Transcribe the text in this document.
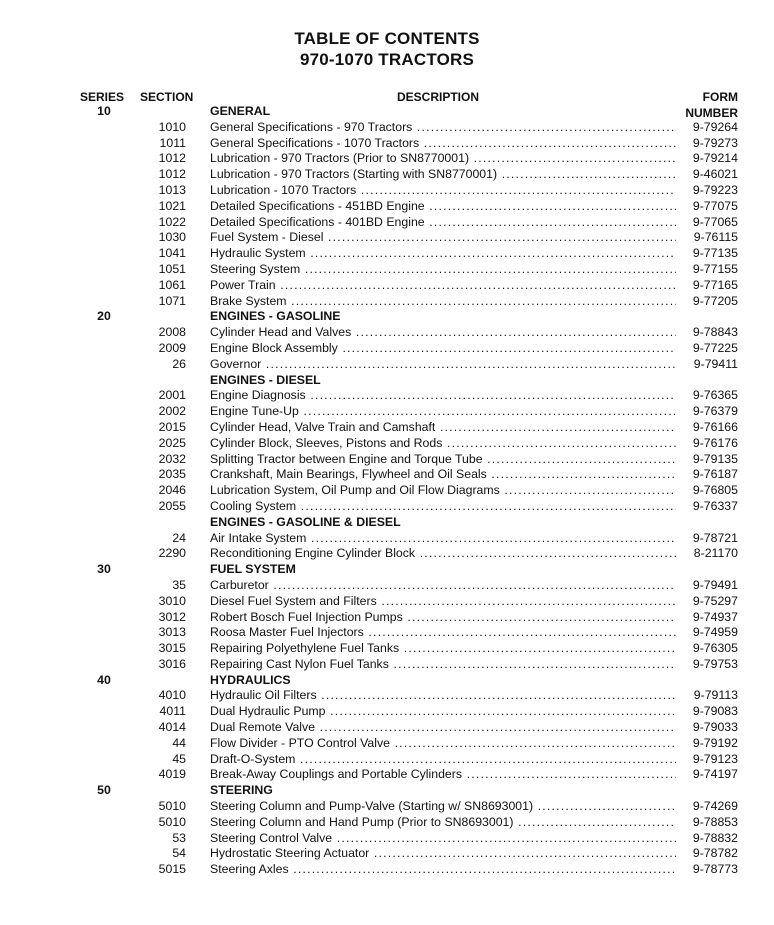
TABLE OF CONTENTS
970-1070 TRACTORS
SERIES SECTION	DESCRIPTION	FORM
NUMBER
10	GENERAL
1010 General Specifications - 970 Tractors .....	9-79264
1011 General Specifications - 1070 Tractors .....	9-79273
1012 Lubrication - 970 Tractors (Prior to SN8770001) .....	9-79214
1012 Lubrication - 970 Tractors (Starting with SN8770001) .....	9-46021
1013 Lubrication - 1070 Tractors .....	9-79223
1021 Detailed Specifications - 451BD Engine .....	9-77075
1022 Detailed Specifications - 401BD Engine .....	9-77065
1030 Fuel System - Diesel .....	9-76115
1041 Hydraulic System .....	9-77135
1051 Steering System .....	9-77155
1061 Power Train .....	9-77165
1071 Brake System .....	9-77205
20	ENGINES - GASOLINE
2008 Cylinder Head and Valves .....	9-78843
2009 Engine Block Assembly .....	9-77225
26 Governor .....	9-79411
ENGINES - DIESEL
2001 Engine Diagnosis .....	9-76365
2002 Engine Tune-Up .....	9-76379
2015 Cylinder Head, Valve Train and Camshaft .....	9-76166
2025 Cylinder Block, Sleeves, Pistons and Rods .....	9-76176
2032 Splitting Tractor between Engine and Torque Tube .....	9-79135
2035 Crankshaft, Main Bearings, Flywheel and Oil Seals .....	9-76187
2046 Lubrication System, Oil Pump and Oil Flow Diagrams .....	9-76805
2055 Cooling System .....	9-76337
ENGINES - GASOLINE & DIESEL
24 Air Intake System .....	9-78721
2290 Reconditioning Engine Cylinder Block .....	8-21170
30	FUEL SYSTEM
35 Carburetor .....	9-79491
3010 Diesel Fuel System and Filters .....	9-75297
3012 Robert Bosch Fuel Injection Pumps .....	9-74937
3013 Roosa Master Fuel Injectors .....	9-74959
3015 Repairing Polyethylene Fuel Tanks .....	9-76305
3016 Repairing Cast Nylon Fuel Tanks .....	9-79753
40	HYDRAULICS
4010 Hydraulic Oil Filters .....	9-79113
4011 Dual Hydraulic Pump .....	9-79083
4014 Dual Remote Valve .....	9-79033
44 Flow Divider - PTO Control Valve .....	9-79192
45 Draft-O-System .....	9-79123
4019 Break-Away Couplings and Portable Cylinders .....	9-74197
50	STEERING
5010 Steering Column and Pump-Valve (Starting w/ SN8693001) .....	9-74269
5010 Steering Column and Hand Pump (Prior to SN8693001) .....	9-78853
53 Steering Control Valve .....	9-78832
54 Hydrostatic Steering Actuator .....	9-78782
5015 Steering Axles .....	9-78773
